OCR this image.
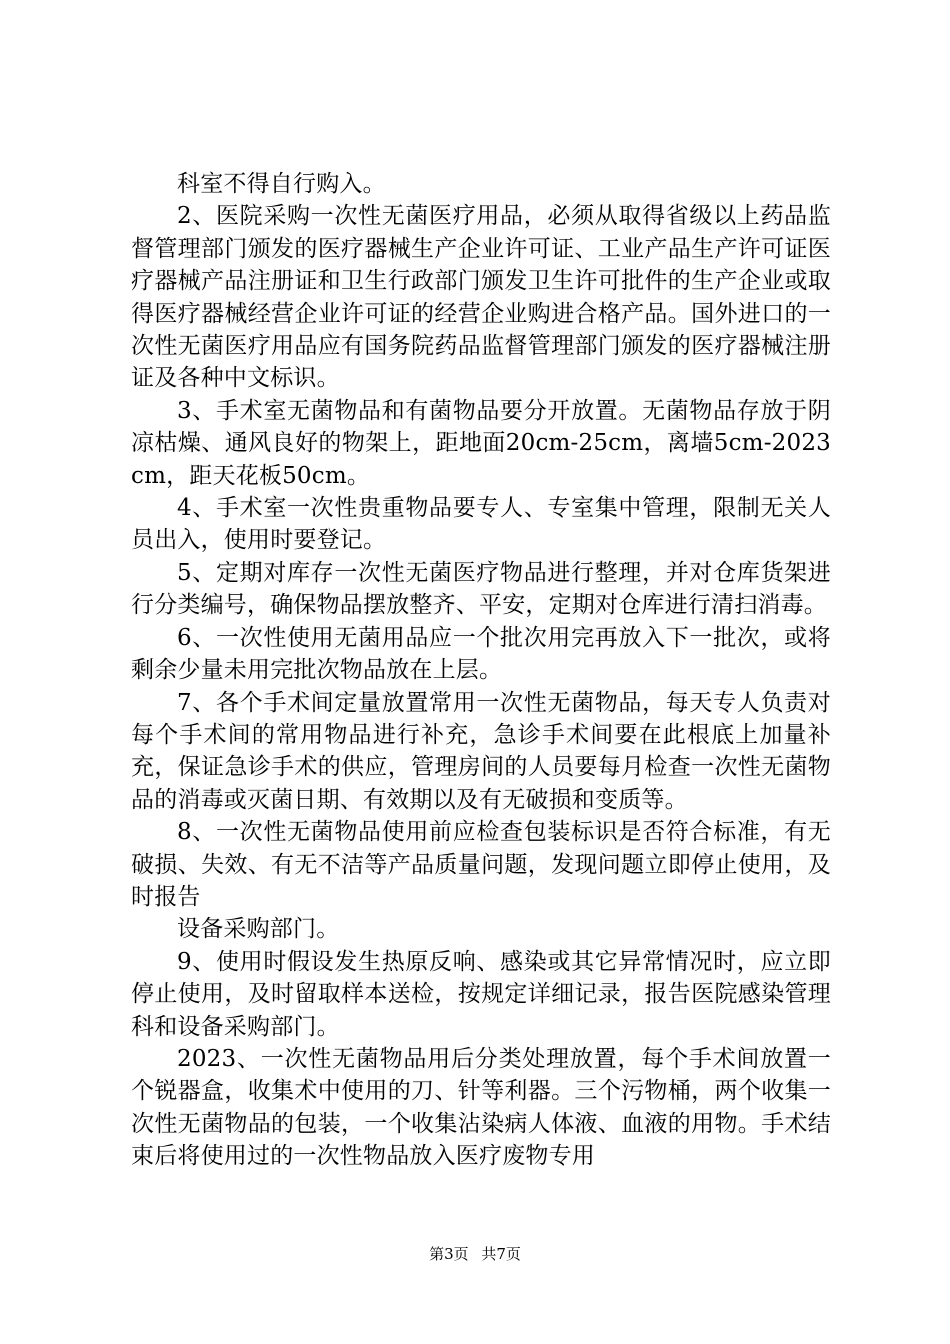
科室不得自行购入。

2、医院采购一次性无菌医疗用品，必须从取得省级以上药品监督管理部门颁发的医疗器械生产企业许可证、工业产品生产许可证医疗器械产品注册证和卫生行政部门颁发卫生许可批件的生产企业或取得医疗器械经营企业许可证的经营企业购进合格产品。国外进口的一次性无菌医疗用品应有国务院药品监督管理部门颁发的医疗器械注册证及各种中文标识。

3、手术室无菌物品和有菌物品要分开放置。无菌物品存放于阴凉枯燥、通风良好的物架上，距地面20cm-25cm，离墙5cm-2023cm，距天花板50cm。

4、手术室一次性贵重物品要专人、专室集中管理，限制无关人员出入，使用时要登记。

5、定期对库存一次性无菌医疗物品进行整理，并对仓库货架进行分类编号，确保物品摆放整齐、平安，定期对仓库进行清扫消毒。

6、一次性使用无菌用品应一个批次用完再放入下一批次，或将剩余少量未用完批次物品放在上层。

7、各个手术间定量放置常用一次性无菌物品，每天专人负责对每个手术间的常用物品进行补充，急诊手术间要在此根底上加量补充，保证急诊手术的供应，管理房间的人员要每月检查一次性无菌物品的消毒或灭菌日期、有效期以及有无破损和变质等。

8、一次性无菌物品使用前应检查包装标识是否符合标准，有无破损、失效、有无不洁等产品质量问题，发现问题立即停止使用，及时报告

设备采购部门。

9、使用时假设发生热原反响、感染或其它异常情况时，应立即停止使用，及时留取样本送检，按规定详细记录，报告医院感染管理科和设备采购部门。

2023、一次性无菌物品用后分类处理放置，每个手术间放置一个锐器盒，收集术中使用的刀、针等利器。三个污物桶，两个收集一次性无菌物品的包装，一个收集沾染病人体液、血液的用物。手术结束后将使用过的一次性物品放入医疗废物专用

第3页 共7页
